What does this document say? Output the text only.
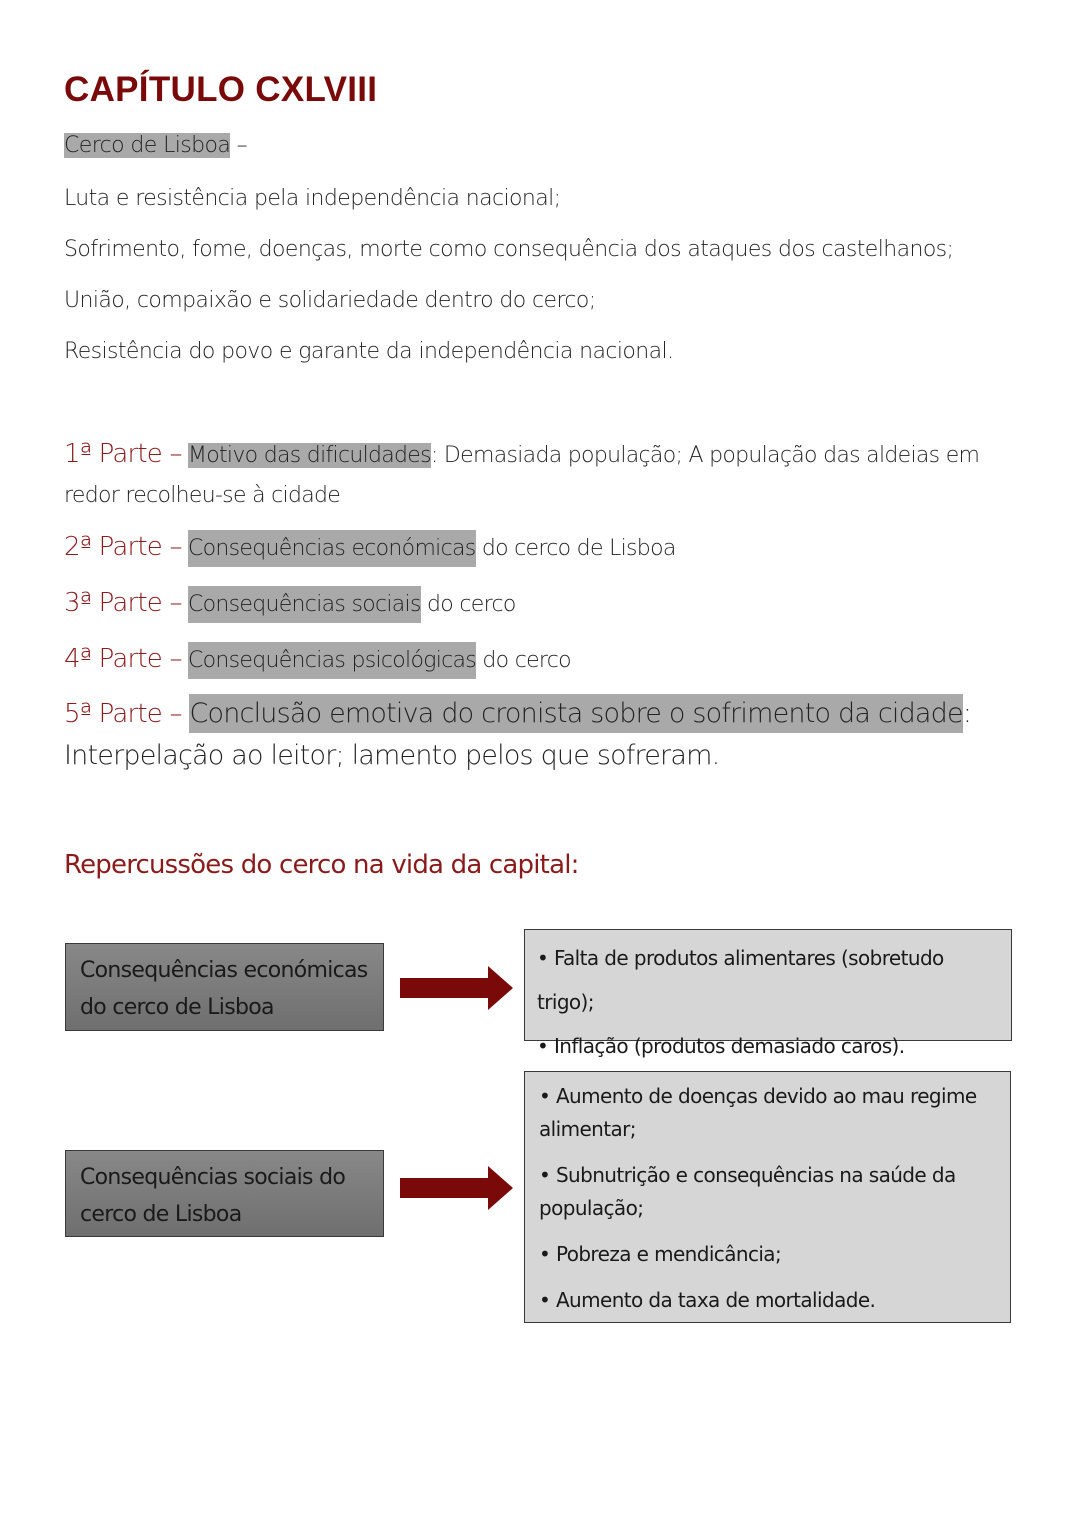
CAPÍTULO CXLVIII
Cerco de Lisboa –
Luta e resistência pela independência nacional;
Sofrimento, fome, doenças, morte como consequência dos ataques dos castelhanos;
União, compaixão e solidariedade dentro do cerco;
Resistência do povo e garante da independência nacional.
1ª Parte – Motivo das dificuldades: Demasiada população; A população das aldeias em
redor recolheu-se à cidade
2ª Parte – Consequências económicas do cerco de Lisboa
3ª Parte – Consequências sociais do cerco
4ª Parte – Consequências psicológicas do cerco
5ª Parte – Conclusão emotiva do cronista sobre o sofrimento da cidade:
Interpelação ao leitor; lamento pelos que sofreram.
Repercussões do cerco na vida da capital:
Consequências económicas do cerco de Lisboa
• Falta de produtos alimentares (sobretudo trigo);
• Inflação (produtos demasiado caros).
Consequências sociais do cerco de Lisboa
• Aumento de doenças devido ao mau regime alimentar;
• Subnutrição e consequências na saúde da população;
• Pobreza e mendicância;
• Aumento da taxa de mortalidade.
